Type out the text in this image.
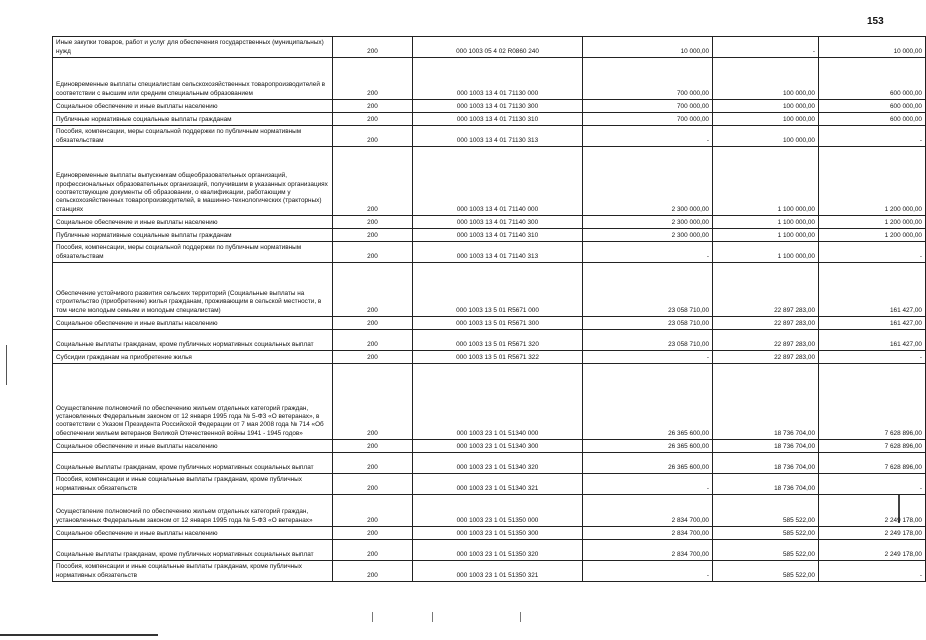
153
Иные закупки товаров, работ и услуг для обеспечения государственных (муниципальных) нужд	200	000 1003 05 4 02 R0860 240	10 000,00	-	10 000,00
Единовременные выплаты специалистам сельскохозяйственных товаропроизводителей в соответствии с высшим или средним специальным образованием	200	000 1003 13 4 01 71130 000	700 000,00	100 000,00	600 000,00
Социальное обеспечение и иные выплаты населению	200	000 1003 13 4 01 71130 300	700 000,00	100 000,00	600 000,00
Публичные нормативные социальные выплаты гражданам	200	000 1003 13 4 01 71130 310	700 000,00	100 000,00	600 000,00
Пособия, компенсации, меры социальной поддержки по публичным нормативным обязательствам	200	000 1003 13 4 01 71130 313	-	100 000,00	-
Единовременные выплаты выпускникам общеобразовательных организаций, профессиональных образовательных организаций, получившим в указанных организациях соответствующие документы об образовании, о квалификации, работающим у сельскохозяйственных товаропроизводителей, в машинно-технологических (тракторных) станциях	200	000 1003 13 4 01 71140 000	2 300 000,00	1 100 000,00	1 200 000,00
Социальное обеспечение и иные выплаты населению	200	000 1003 13 4 01 71140 300	2 300 000,00	1 100 000,00	1 200 000,00
Публичные нормативные социальные выплаты гражданам	200	000 1003 13 4 01 71140 310	2 300 000,00	1 100 000,00	1 200 000,00
Пособия, компенсации, меры социальной поддержки по публичным нормативным обязательствам	200	000 1003 13 4 01 71140 313	-	1 100 000,00	-
Обеспечение устойчивого развития сельских территорий (Социальные выплаты на строительство (приобретение) жилья гражданам, проживающим в сельской местности, в том числе молодым семьям и молодым специалистам)	200	000 1003 13 5 01 R5671 000	23 058 710,00	22 897 283,00	161 427,00
Социальное обеспечение и иные выплаты населению	200	000 1003 13 5 01 R5671 300	23 058 710,00	22 897 283,00	161 427,00
Социальные выплаты гражданам, кроме публичных нормативных социальных выплат	200	000 1003 13 5 01 R5671 320	23 058 710,00	22 897 283,00	161 427,00
Субсидии гражданам на приобретение жилья	200	000 1003 13 5 01 R5671 322	-	22 897 283,00	-
Осуществление полномочий по обеспечению жильем отдельных категорий граждан, установленных Федеральным законом от 12 января 1995 года № 5-ФЗ «О ветеранах», в соответствии с Указом Президента Российской Федерации от 7 мая 2008 года № 714 «Об обеспечении жильем ветеранов Великой Отечественной войны 1941 - 1945 годов»	200	000 1003 23 1 01 51340 000	26 365 600,00	18 736 704,00	7 628 896,00
Социальное обеспечение и иные выплаты населению	200	000 1003 23 1 01 51340 300	26 365 600,00	18 736 704,00	7 628 896,00
Социальные выплаты гражданам, кроме публичных нормативных социальных выплат	200	000 1003 23 1 01 51340 320	26 365 600,00	18 736 704,00	7 628 896,00
Пособия, компенсации и иные социальные выплаты гражданам, кроме публичных нормативных обязательств	200	000 1003 23 1 01 51340 321	-	18 736 704,00	-
Осуществление полномочий по обеспечению жильем отдельных категорий граждан, установленных Федеральным законом от 12 января 1995 года № 5-ФЗ «О ветеранах»	200	000 1003 23 1 01 51350 000	2 834 700,00	585 522,00	2 249 178,00
Социальное обеспечение и иные выплаты населению	200	000 1003 23 1 01 51350 300	2 834 700,00	585 522,00	2 249 178,00
Социальные выплаты гражданам, кроме публичных нормативных социальных выплат	200	000 1003 23 1 01 51350 320	2 834 700,00	585 522,00	2 249 178,00
Пособия, компенсации и иные социальные выплаты гражданам, кроме публичных нормативных обязательств	200	000 1003 23 1 01 51350 321	-	585 522,00	-
